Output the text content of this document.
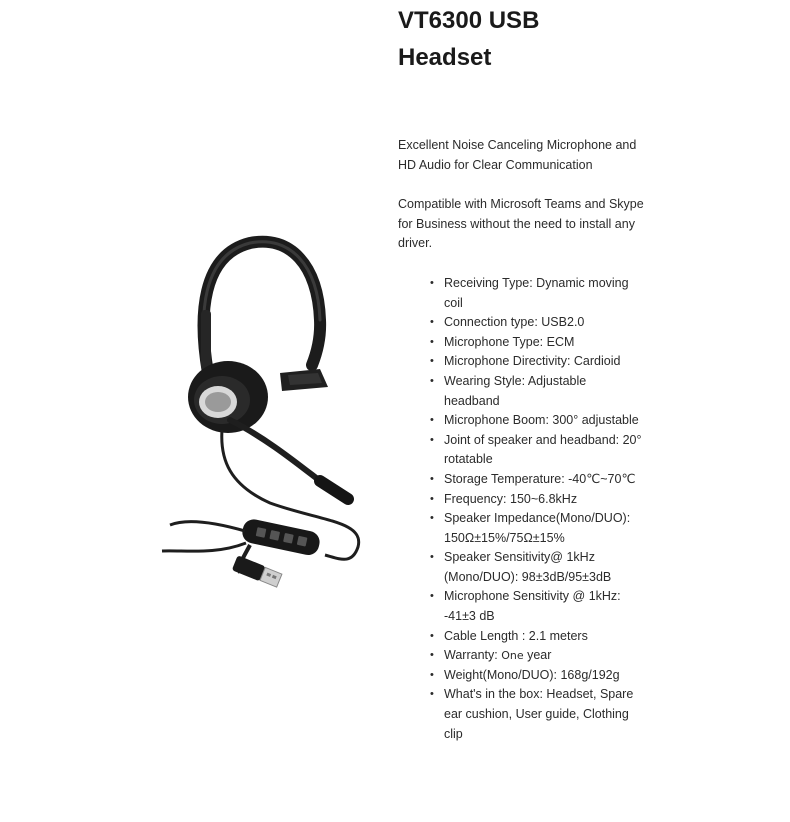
VT6300 USB
Headset

Excellent Noise Canceling Microphone and HD Audio for Clear Communication

Compatible with Microsoft Teams and Skype for Business without the need to install any driver.

• Receiving Type: Dynamic moving coil
• Connection type: USB2.0
• Microphone Type: ECM
• Microphone Directivity: Cardioid
• Wearing Style: Adjustable headband
• Microphone Boom: 300° adjustable
• Joint of speaker and headband: 20° rotatable
• Storage Temperature: -40℃~70℃
• Frequency: 150~6.8kHz
• Speaker Impedance(Mono/DUO): 150Ω±15%/75Ω±15%
• Speaker Sensitivity@ 1kHz (Mono/DUO): 98±3dB/95±3dB
• Microphone Sensitivity @ 1kHz: -41±3 dB
• Cable Length : 2.1 meters
• Warranty: One year
• Weight(Mono/DUO): 168g/192g
• What's in the box: Headset, Spare ear cushion, User guide, Clothing clip
